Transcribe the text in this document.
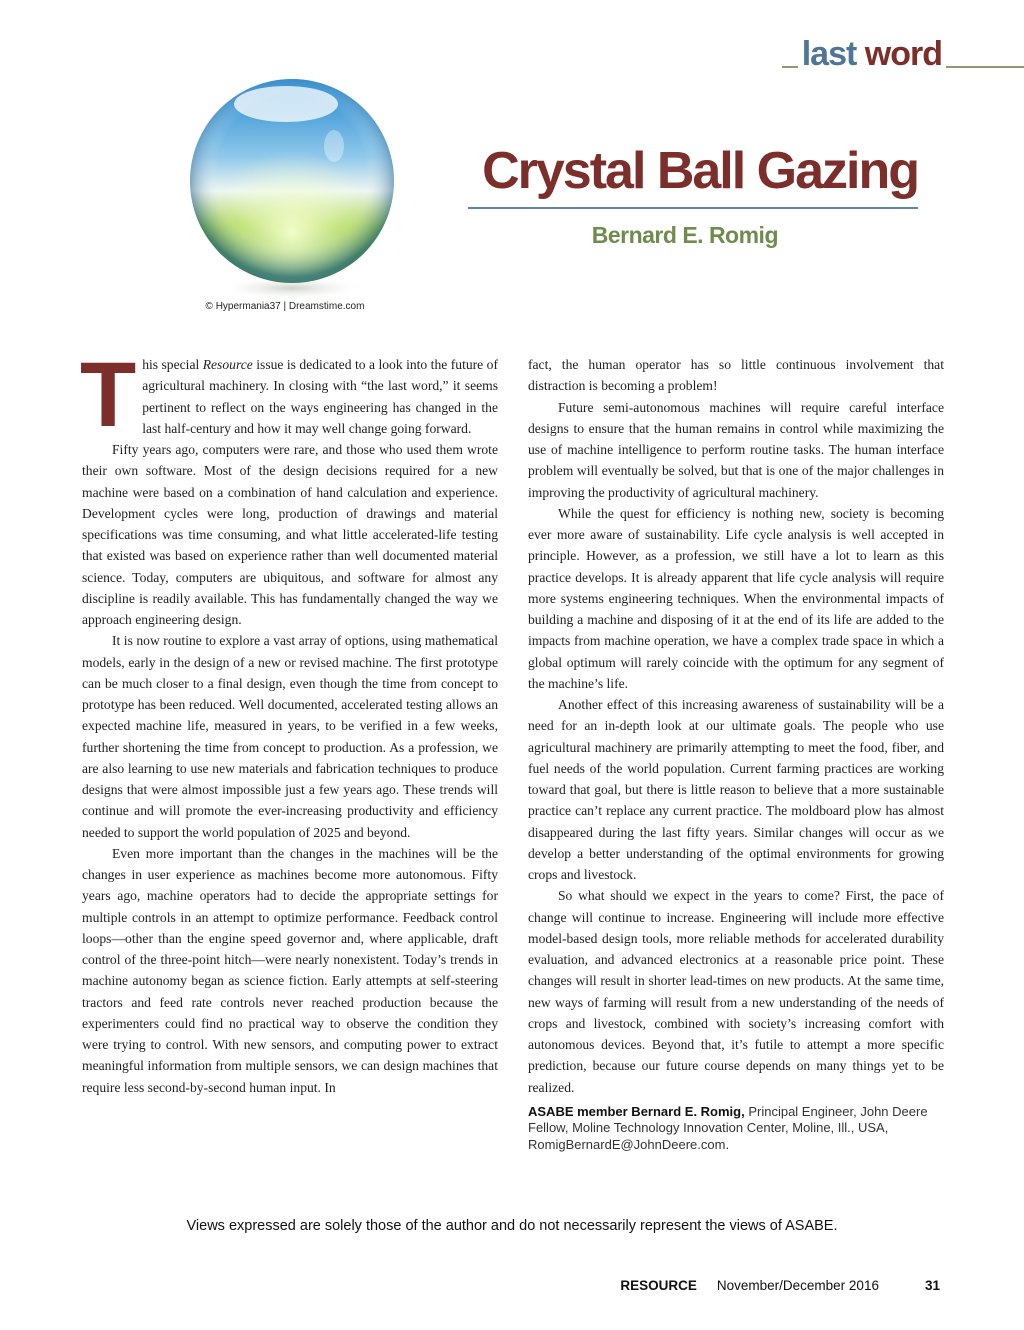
last word
© Hypermania37 | Dreamstime.com
Crystal Ball Gazing
Bernard E. Romig

This special Resource issue is dedicated to a look into the future of agricultural machinery. In closing with “the last word,” it seems pertinent to reflect on the ways engineering has changed in the last half-century and how it may well change going forward.

Fifty years ago, computers were rare, and those who used them wrote their own software. Most of the design decisions required for a new machine were based on a combination of hand calculation and experience. Development cycles were long, production of drawings and material specifications was time consuming, and what little accelerated-life testing that existed was based on experience rather than well documented material science. Today, computers are ubiquitous, and software for almost any discipline is readily available. This has fundamentally changed the way we approach engineering design.

It is now routine to explore a vast array of options, using mathematical models, early in the design of a new or revised machine. The first prototype can be much closer to a final design, even though the time from concept to prototype has been reduced. Well documented, accelerated testing allows an expected machine life, measured in years, to be verified in a few weeks, further shortening the time from concept to production. As a profession, we are also learning to use new materials and fabrication techniques to produce designs that were almost impossible just a few years ago. These trends will continue and will promote the ever-increasing productivity and efficiency needed to support the world population of 2025 and beyond.

Even more important than the changes in the machines will be the changes in user experience as machines become more autonomous. Fifty years ago, machine operators had to decide the appropriate settings for multiple controls in an attempt to optimize performance. Feedback control loops—other than the engine speed governor and, where applicable, draft control of the three-point hitch—were nearly nonexistent. Today’s trends in machine autonomy began as science fiction. Early attempts at self-steering tractors and feed rate controls never reached production because the experimenters could find no practical way to observe the condition they were trying to control. With new sensors, and computing power to extract meaningful information from multiple sensors, we can design machines that require less second-by-second human input. In

fact, the human operator has so little continuous involvement that distraction is becoming a problem!

Future semi-autonomous machines will require careful interface designs to ensure that the human remains in control while maximizing the use of machine intelligence to perform routine tasks. The human interface problem will eventually be solved, but that is one of the major challenges in improving the productivity of agricultural machinery.

While the quest for efficiency is nothing new, society is becoming ever more aware of sustainability. Life cycle analysis is well accepted in principle. However, as a profession, we still have a lot to learn as this practice develops. It is already apparent that life cycle analysis will require more systems engineering techniques. When the environmental impacts of building a machine and disposing of it at the end of its life are added to the impacts from machine operation, we have a complex trade space in which a global optimum will rarely coincide with the optimum for any segment of the machine’s life.

Another effect of this increasing awareness of sustainability will be a need for an in-depth look at our ultimate goals. The people who use agricultural machinery are primarily attempting to meet the food, fiber, and fuel needs of the world population. Current farming practices are working toward that goal, but there is little reason to believe that a more sustainable practice can’t replace any current practice. The moldboard plow has almost disappeared during the last fifty years. Similar changes will occur as we develop a better understanding of the optimal environments for growing crops and livestock.

So what should we expect in the years to come? First, the pace of change will continue to increase. Engineering will include more effective model-based design tools, more reliable methods for accelerated durability evaluation, and advanced electronics at a reasonable price point. These changes will result in shorter lead-times on new products. At the same time, new ways of farming will result from a new understanding of the needs of crops and livestock, combined with society’s increasing comfort with autonomous devices. Beyond that, it’s futile to attempt a more specific prediction, because our future course depends on many things yet to be realized.

ASABE member Bernard E. Romig, Principal Engineer, John Deere Fellow, Moline Technology Innovation Center, Moline, Ill., USA, RomigBernardE@JohnDeere.com.
Views expressed are solely those of the author and do not necessarily represent the views of ASABE.
RESOURCE November/December 2016	31
